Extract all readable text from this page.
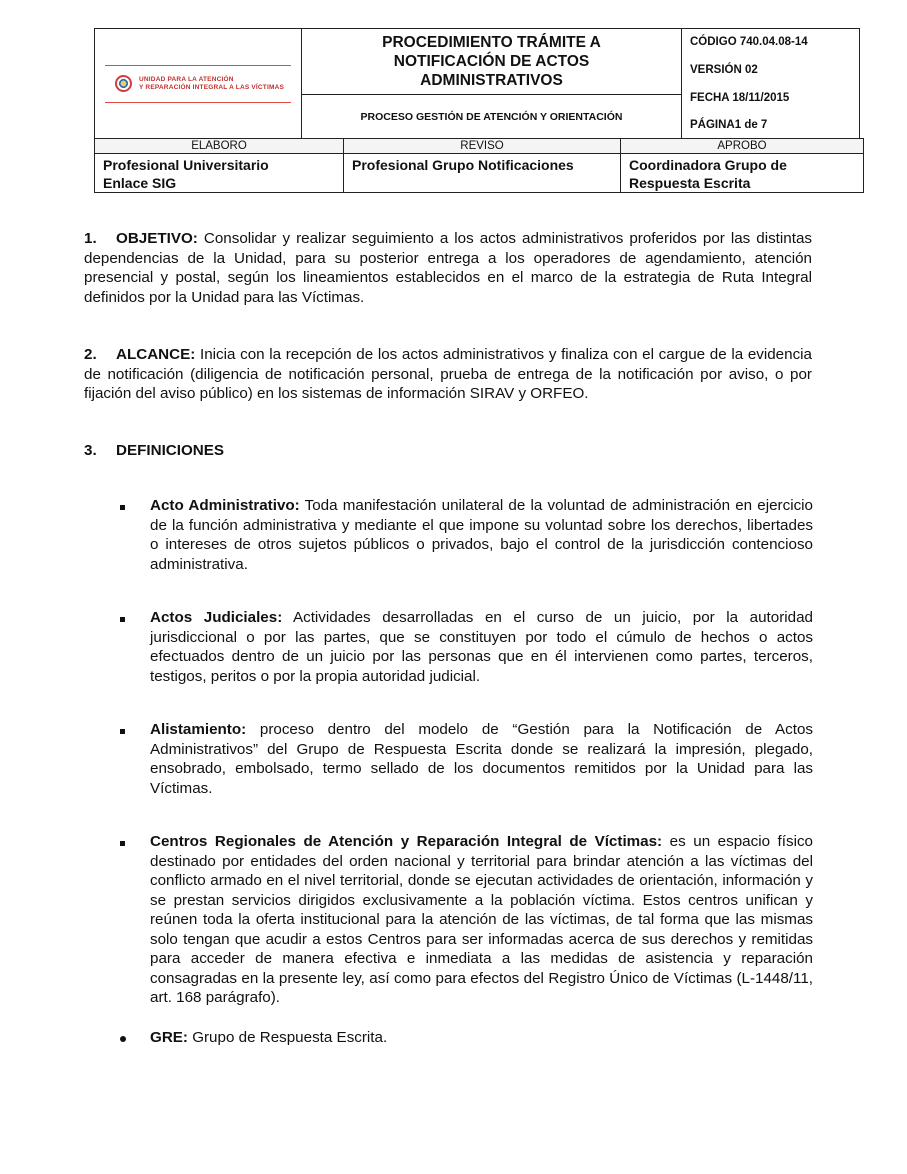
UNIDAD PARA LA ATENCIÓN
Y REPARACIÓN INTEGRAL A LAS VÍCTIMAS
PROCEDIMIENTO TRÁMITE A
NOTIFICACIÓN DE ACTOS
ADMINISTRATIVOS
PROCESO GESTIÓN DE ATENCIÓN Y ORIENTACIÓN
CÓDIGO 740.04.08-14
VERSIÓN 02
FECHA 18/11/2015
PÁGINA1 de 7
ELABORO
Profesional Universitario
Enlace SIG
REVISO
Profesional Grupo Notificaciones
APROBO
Coordinadora Grupo de
Respuesta Escrita
1. OBJETIVO: Consolidar y realizar seguimiento a los actos administrativos proferidos por las distintas dependencias de la Unidad, para su posterior entrega a los operadores de agendamiento, atención presencial y postal, según los lineamientos establecidos en el marco de la estrategia de Ruta Integral definidos por la Unidad para las Víctimas.
2. ALCANCE: Inicia con la recepción de los actos administrativos y finaliza con el cargue de la evidencia de notificación (diligencia de notificación personal, prueba de entrega de la notificación por aviso, o por fijación del aviso público) en los sistemas de información SIRAV y ORFEO.
3. DEFINICIONES
Acto Administrativo: Toda manifestación unilateral de la voluntad de administración en ejercicio de la función administrativa y mediante el que impone su voluntad sobre los derechos, libertades o intereses de otros sujetos públicos o privados, bajo el control de la jurisdicción contencioso administrativa.
Actos Judiciales: Actividades desarrolladas en el curso de un juicio, por la autoridad jurisdiccional o por las partes, que se constituyen por todo el cúmulo de hechos o actos efectuados dentro de un juicio por las personas que en él intervienen como partes, terceros, testigos, peritos o por la propia autoridad judicial.
Alistamiento: proceso dentro del modelo de “Gestión para la Notificación de Actos Administrativos” del Grupo de Respuesta Escrita donde se realizará la impresión, plegado, ensobrado, embolsado, termo sellado de los documentos remitidos por la Unidad para las Víctimas.
Centros Regionales de Atención y Reparación Integral de Víctimas: es un espacio físico destinado por entidades del orden nacional y territorial para brindar atención a las víctimas del conflicto armado en el nivel territorial, donde se ejecutan actividades de orientación, información y se prestan servicios dirigidos exclusivamente a la población víctima. Estos centros unifican y reúnen toda la oferta institucional para la atención de las víctimas, de tal forma que las mismas solo tengan que acudir a estos Centros para ser informadas acerca de sus derechos y remitidas para acceder de manera efectiva e inmediata a las medidas de asistencia y reparación consagradas en la presente ley, así como para efectos del Registro Único de Víctimas (L-1448/11, art. 168 parágrafo).
GRE: Grupo de Respuesta Escrita.
